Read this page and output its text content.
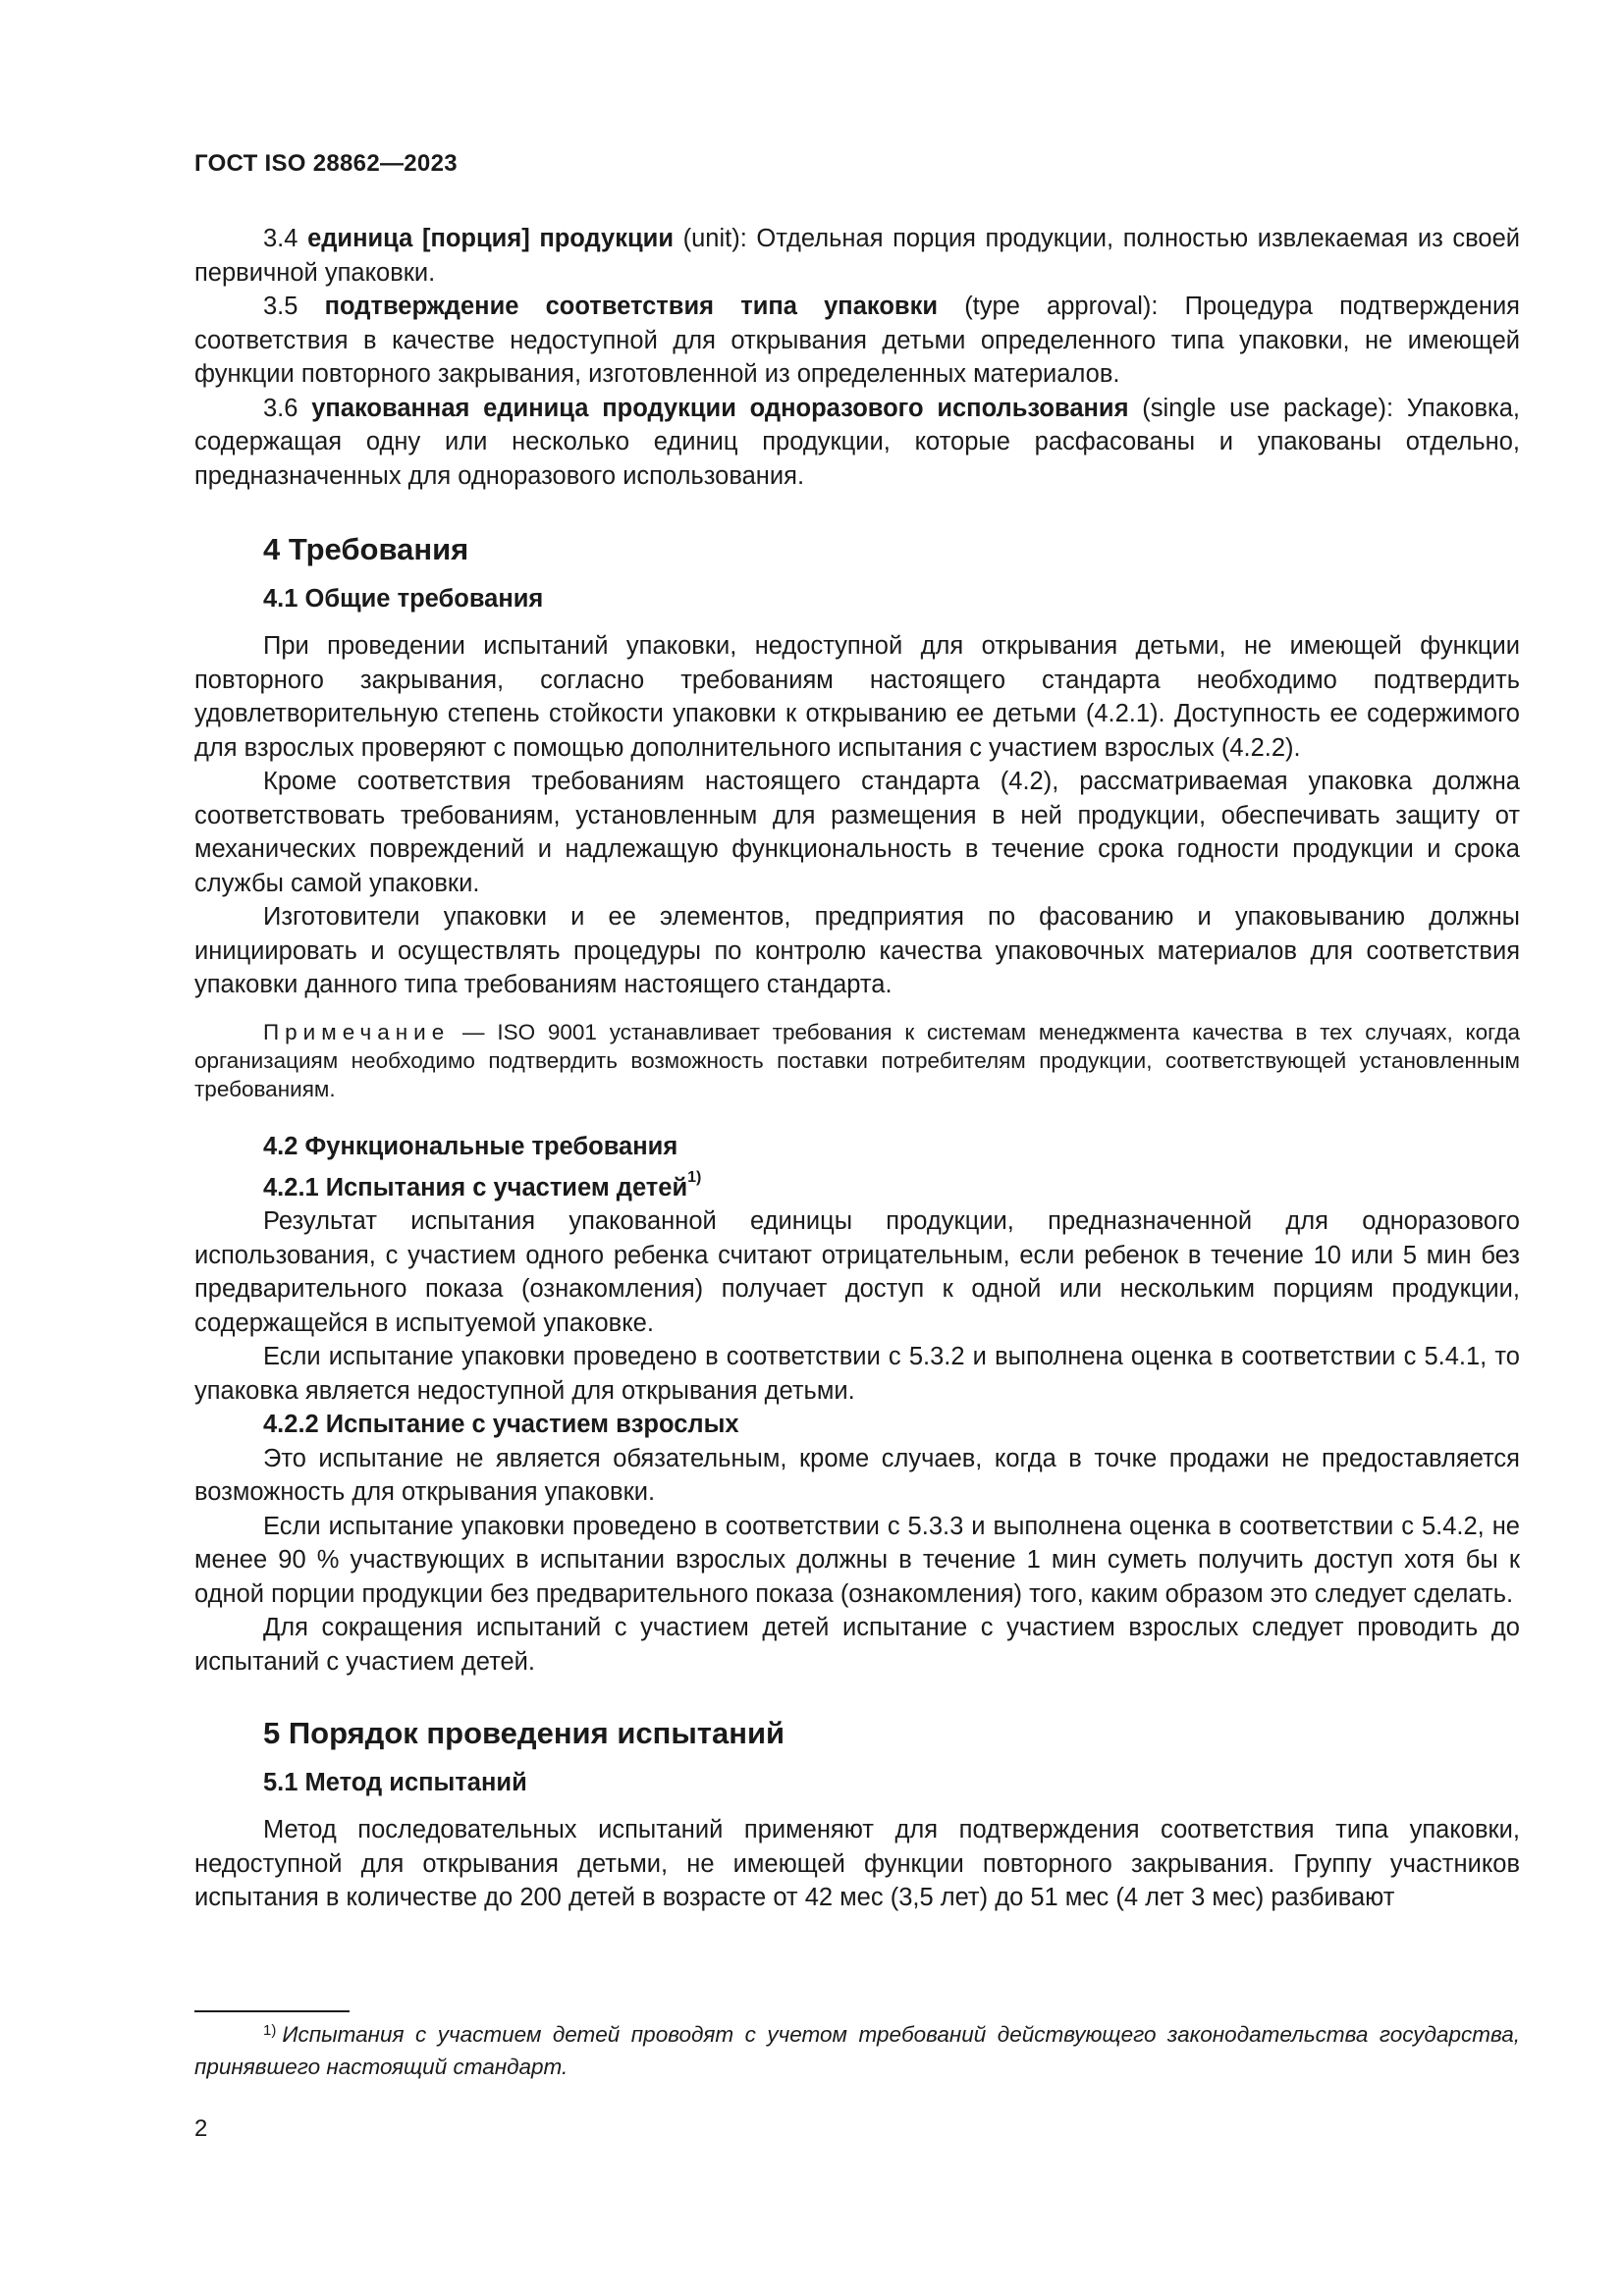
ГОСТ ISO 28862—2023

3.4 единица [порция] продукции (unit): Отдельная порция продукции, полностью извлекаемая из своей первичной упаковки.

3.5 подтверждение соответствия типа упаковки (type approval): Процедура подтверждения соответствия в качестве недоступной для открывания детьми определенного типа упаковки, не имеющей функции повторного закрывания, изготовленной из определенных материалов.

3.6 упакованная единица продукции одноразового использования (single use package): Упаковка, содержащая одну или несколько единиц продукции, которые расфасованы и упакованы отдельно, предназначенных для одноразового использования.

4 Требования
4.1 Общие требования

При проведении испытаний упаковки, недоступной для открывания детьми, не имеющей функции повторного закрывания, согласно требованиям настоящего стандарта необходимо подтвердить удовлетворительную степень стойкости упаковки к открыванию ее детьми (4.2.1). Доступность ее содержимого для взрослых проверяют с помощью дополнительного испытания с участием взрослых (4.2.2).

Кроме соответствия требованиям настоящего стандарта (4.2), рассматриваемая упаковка должна соответствовать требованиям, установленным для размещения в ней продукции, обеспечивать защиту от механических повреждений и надлежащую функциональность в течение срока годности продукции и срока службы самой упаковки.

Изготовители упаковки и ее элементов, предприятия по фасованию и упаковыванию должны инициировать и осуществлять процедуры по контролю качества упаковочных материалов для соответствия упаковки данного типа требованиям настоящего стандарта.

Примечание — ISO 9001 устанавливает требования к системам менеджмента качества в тех случаях, когда организациям необходимо подтвердить возможность поставки потребителям продукции, соответствующей установленным требованиям.
4.2 Функциональные требования
4.2.1 Испытания с участием детей$^{1)}$

Результат испытания упакованной единицы продукции, предназначенной для одноразового использования, с участием одного ребенка считают отрицательным, если ребенок в течение 10 или 5 мин без предварительного показа (ознакомления) получает доступ к одной или нескольким порциям продукции, содержащейся в испытуемой упаковке.

Если испытание упаковки проведено в соответствии с 5.3.2 и выполнена оценка в соответствии с 5.4.1, то упаковка является недоступной для открывания детьми.

4.2.2 Испытание с участием взрослых

Это испытание не является обязательным, кроме случаев, когда в точке продажи не предоставляется возможность для открывания упаковки.

Если испытание упаковки проведено в соответствии с 5.3.3 и выполнена оценка в соответствии с 5.4.2, не менее 90 % участвующих в испытании взрослых должны в течение 1 мин суметь получить доступ хотя бы к одной порции продукции без предварительного показа (ознакомления) того, каким образом это следует сделать.

Для сокращения испытаний с участием детей испытание с участием взрослых следует проводить до испытаний с участием детей.

5 Порядок проведения испытаний
5.1 Метод испытаний

Метод последовательных испытаний применяют для подтверждения соответствия типа упаковки, недоступной для открывания детьми, не имеющей функции повторного закрывания. Группу участников испытания в количестве до 200 детей в возрасте от 42 мес (3,5 лет) до 51 мес (4 лет 3 мес) разбивают

$^{1)}$ Испытания с участием детей проводят с учетом требований действующего законодательства государства, принявшего настоящий стандарт.
2
